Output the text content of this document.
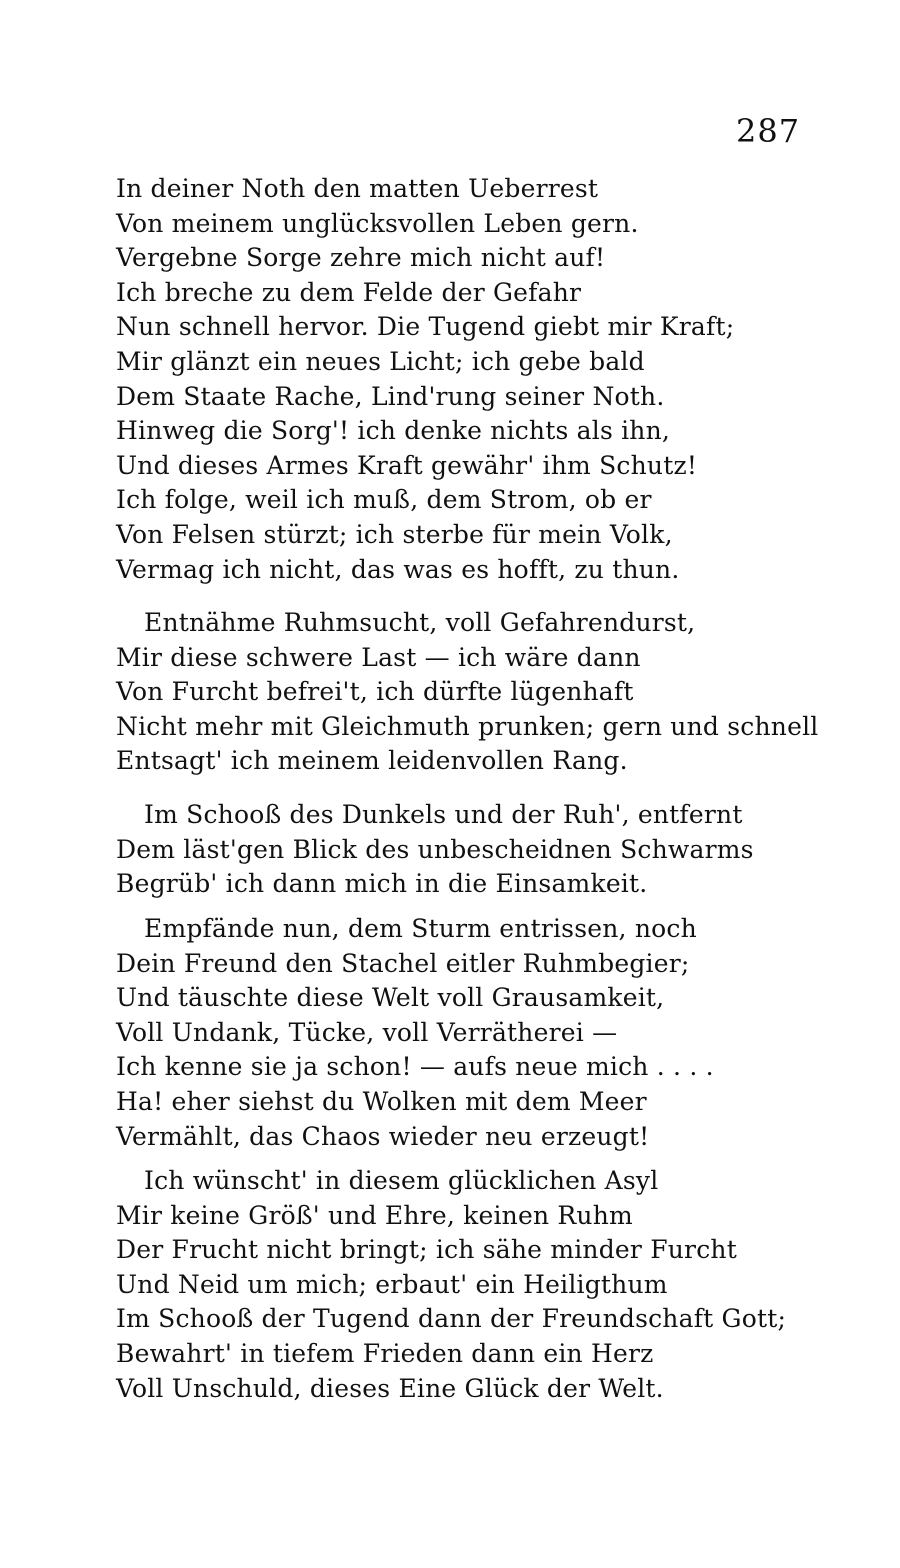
287
In deiner Noth den matten Ueberrest
Von meinem unglücksvollen Leben gern.
Vergebne Sorge zehre mich nicht auf!
Ich breche zu dem Felde der Gefahr
Nun schnell hervor. Die Tugend giebt mir Kraft;
Mir glänzt ein neues Licht; ich gebe bald
Dem Staate Rache, Lind'rung seiner Noth.
Hinweg die Sorg'! ich denke nichts als ihn,
Und dieses Armes Kraft gewähr' ihm Schutz!
Ich folge, weil ich muß, dem Strom, ob er
Von Felsen stürzt; ich sterbe für mein Volk,
Vermag ich nicht, das was es hofft, zu thun.
Entnähme Ruhmsucht, voll Gefahrendurst,
Mir diese schwere Last — ich wäre dann
Von Furcht befrei't, ich dürfte lügenhaft
Nicht mehr mit Gleichmuth prunken; gern und schnell
Entsagt' ich meinem leidenvollen Rang.
Im Schooß des Dunkels und der Ruh', entfernt
Dem läst'gen Blick des unbescheidnen Schwarms
Begrüb' ich dann mich in die Einsamkeit.
Empfände nun, dem Sturm entrissen, noch
Dein Freund den Stachel eitler Ruhmbegier;
Und täuschte diese Welt voll Grausamkeit,
Voll Undank, Tücke, voll Verrätherei —
Ich kenne sie ja schon! — aufs neue mich . . . .
Ha! eher siehst du Wolken mit dem Meer
Vermählt, das Chaos wieder neu erzeugt!
Ich wünscht' in diesem glücklichen Asyl
Mir keine Größ' und Ehre, keinen Ruhm
Der Frucht nicht bringt; ich sähe minder Furcht
Und Neid um mich; erbaut' ein Heiligthum
Im Schooß der Tugend dann der Freundschaft Gott;
Bewahrt' in tiefem Frieden dann ein Herz
Voll Unschuld, dieses Eine Glück der Welt.
